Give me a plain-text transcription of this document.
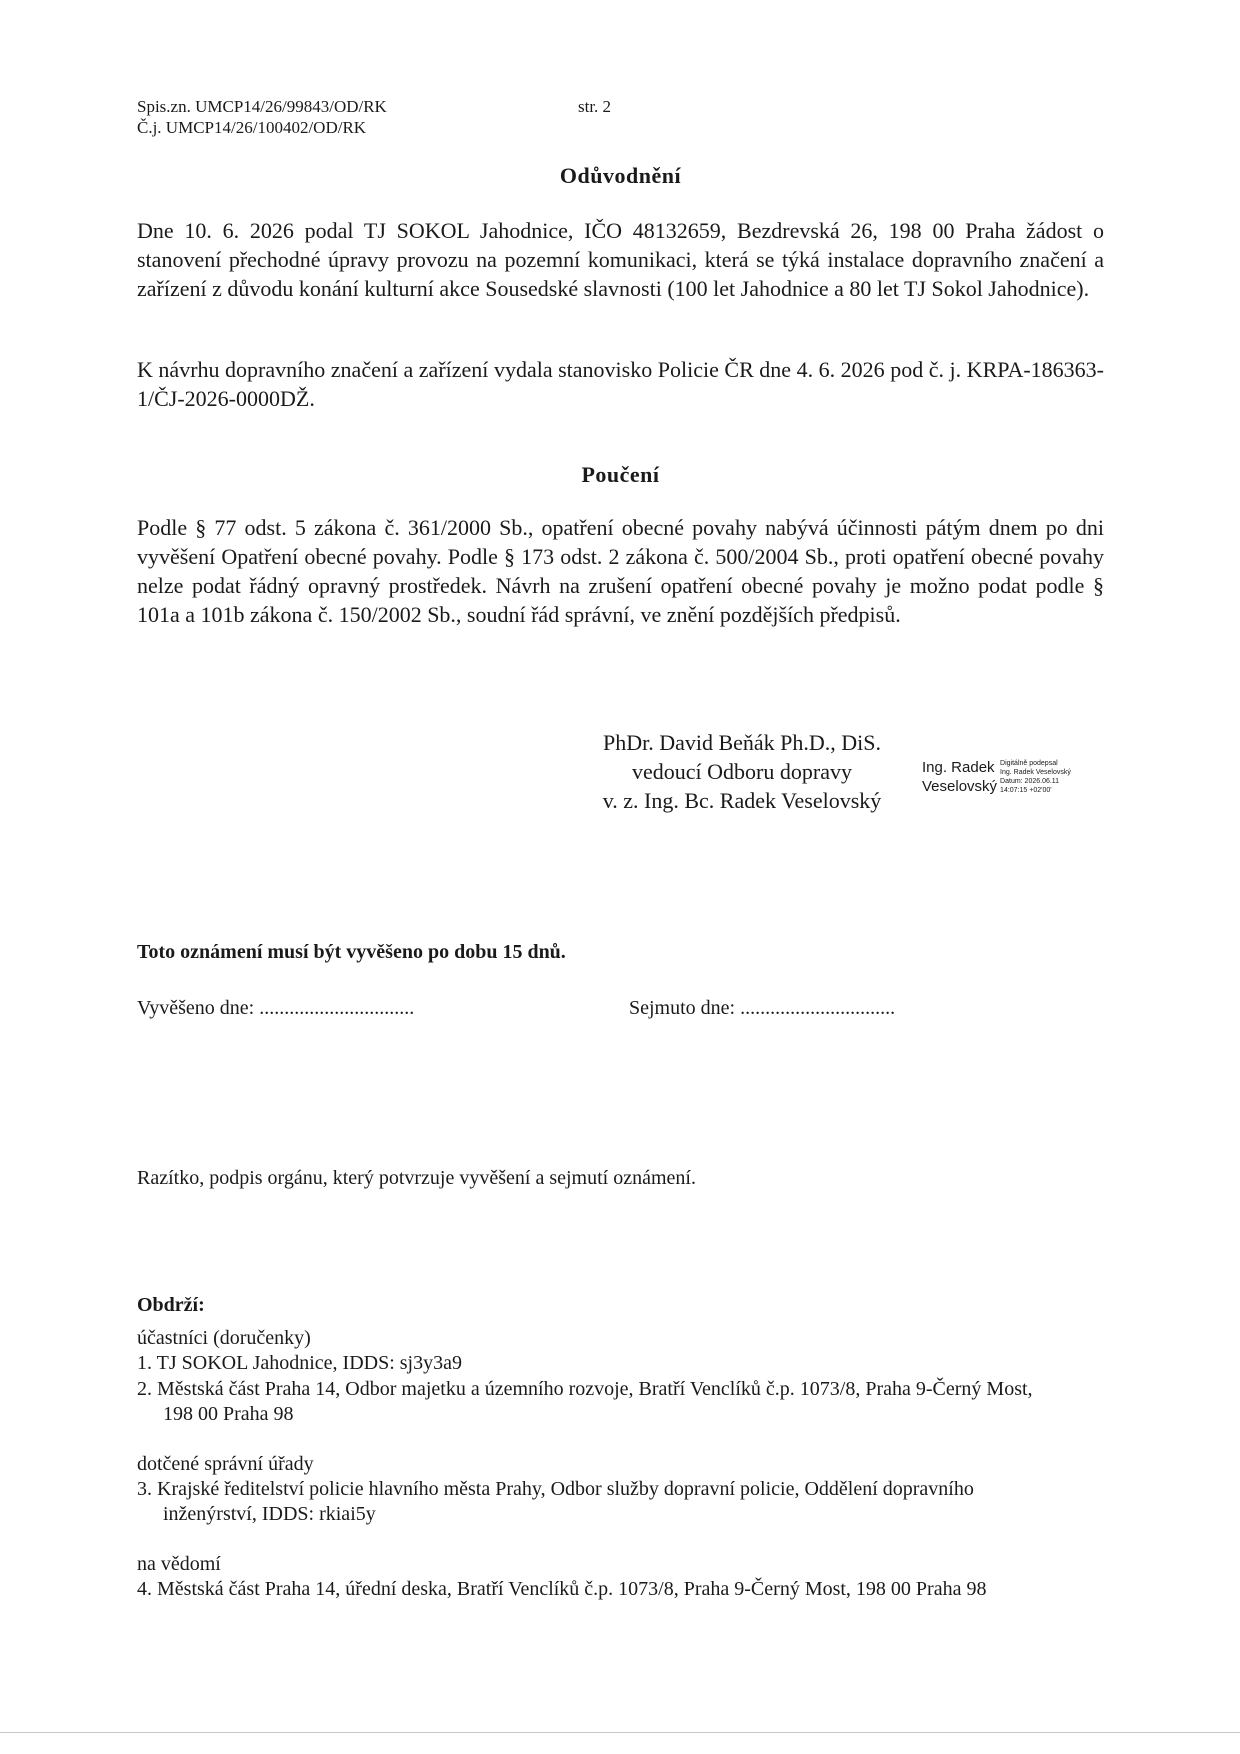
Spis.zn. UMCP14/26/99843/OD/RK
Č.j. UMCP14/26/100402/OD/RK
str. 2
Odůvodnění
Dne 10. 6. 2026 podal TJ SOKOL Jahodnice, IČO 48132659, Bezdrevská 26, 198 00 Praha žádost o stanovení přechodné úpravy provozu na pozemní komunikaci, která se týká instalace dopravního značení a zařízení z důvodu konání kulturní akce Sousedské slavnosti (100 let Jahodnice a 80 let TJ Sokol Jahodnice).
K návrhu dopravního značení a zařízení vydala stanovisko Policie ČR dne 4. 6. 2026 pod č. j. KRPA-186363-1/ČJ-2026-0000DŽ.
Poučení
Podle § 77 odst. 5 zákona č. 361/2000 Sb., opatření obecné povahy nabývá účinnosti pátým dnem po dni vyvěšení Opatření obecné povahy. Podle § 173 odst. 2 zákona č. 500/2004 Sb., proti opatření obecné povahy nelze podat řádný opravný prostředek. Návrh na zrušení opatření obecné povahy je možno podat podle § 101a a 101b zákona č. 150/2002 Sb., soudní řád správní, ve znění pozdějších předpisů.
PhDr. David Beňák Ph.D., DiS.
vedoucí Odboru dopravy
v. z. Ing. Bc. Radek Veselovský
Ing. Radek
Veselovský
Digitálně podepsal
Ing. Radek Veselovský
Datum: 2026.06.11
14:07:15 +02'00'
Toto oznámení musí být vyvěšeno po dobu 15 dnů.
Vyvěšeno dne: ...............................	Sejmuto dne: ...............................
Razítko, podpis orgánu, který potvrzuje vyvěšení a sejmutí oznámení.
Obdrží:
účastníci (doručenky)
1. TJ SOKOL Jahodnice, IDDS: sj3y3a9
2. Městská část Praha 14, Odbor majetku a územního rozvoje, Bratří Venclíků č.p. 1073/8, Praha 9-Černý Most,
198 00 Praha 98
dotčené správní úřady
3. Krajské ředitelství policie hlavního města Prahy, Odbor služby dopravní policie, Oddělení dopravního
inženýrství, IDDS: rkiai5y
na vědomí
4. Městská část Praha 14, úřední deska, Bratří Venclíků č.p. 1073/8, Praha 9-Černý Most, 198 00 Praha 98
